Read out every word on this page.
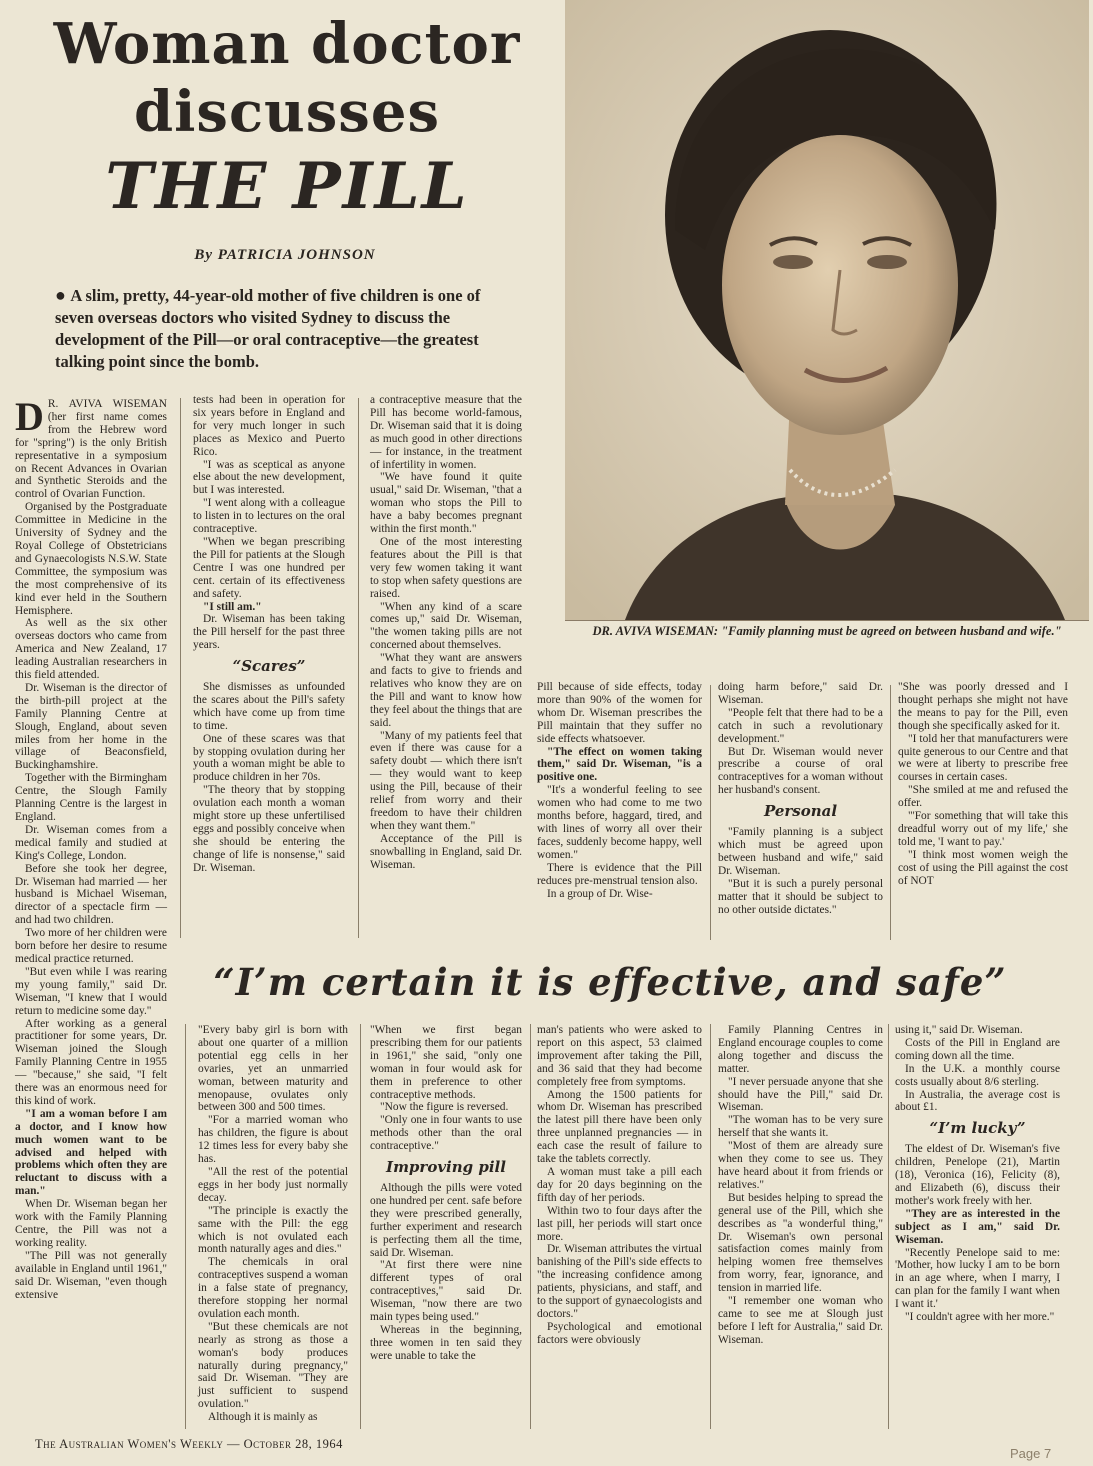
Woman doctor
discusses
THE PILL
By PATRICIA JOHNSON
● A slim, pretty, 44-year-old mother of five children is one of seven overseas doctors who visited Sydney to discuss the development of the Pill—or oral contraceptive—the greatest talking point since the bomb.
DR. AVIVA WISEMAN: "Family planning must be agreed on between husband and wife."

D R. AVIVA WISEMAN (her first name comes from the Hebrew word for "spring") is the only British representative in a symposium on Recent Advances in Ovarian and Synthetic Steroids and the control of Ovarian Function.

Organised by the Postgraduate Committee in Medicine in the University of Sydney and the Royal College of Obstetricians and Gynaecologists N.S.W. State Committee, the symposium was the most comprehensive of its kind ever held in the Southern Hemisphere.

As well as the six other overseas doctors who came from America and New Zealand, 17 leading Australian researchers in this field attended.

Dr. Wiseman is the director of the birth-pill project at the Family Planning Centre at Slough, England, about seven miles from her home in the village of Beaconsfield, Buckinghamshire.

Together with the Birmingham Centre, the Slough Family Planning Centre is the largest in England.

Dr. Wiseman comes from a medical family and studied at King's College, London.

Before she took her degree, Dr. Wiseman had married — her husband is Michael Wiseman, director of a spectacle firm — and had two children.

Two more of her children were born before her desire to resume medical practice returned.

"But even while I was rearing my young family," said Dr. Wiseman, "I knew that I would return to medicine some day."

After working as a general practitioner for some years, Dr. Wiseman joined the Slough Family Planning Centre in 1955 — "because," she said, "I felt there was an enormous need for this kind of work.

"I am a woman before I am a doctor, and I know how much women want to be advised and helped with problems which often they are reluctant to discuss with a man."

When Dr. Wiseman began her work with the Family Planning Centre, the Pill was not a working reality.

"The Pill was not generally available in England until 1961," said Dr. Wiseman, "even though extensive

tests had been in operation for six years before in England and for very much longer in such places as Mexico and Puerto Rico.

"I was as sceptical as anyone else about the new development, but I was interested.

"I went along with a colleague to listen in to lectures on the oral contraceptive.

"When we began prescribing the Pill for patients at the Slough Centre I was one hundred per cent. certain of its effectiveness and safety.

"I still am."

Dr. Wiseman has been taking the Pill herself for the past three years.

“Scares”

She dismisses as unfounded the scares about the Pill's safety which have come up from time to time.

One of these scares was that by stopping ovulation during her youth a woman might be able to produce children in her 70s.

"The theory that by stopping ovulation each month a woman might store up these unfertilised eggs and possibly conceive when she should be entering the change of life is nonsense," said Dr. Wiseman.

a contraceptive measure that the Pill has become world-famous, Dr. Wiseman said that it is doing as much good in other directions — for instance, in the treatment of infertility in women.

"We have found it quite usual," said Dr. Wiseman, "that a woman who stops the Pill to have a baby becomes pregnant within the first month."

One of the most interesting features about the Pill is that very few women taking it want to stop when safety questions are raised.

"When any kind of a scare comes up," said Dr. Wiseman, "the women taking pills are not concerned about themselves.

"What they want are answers and facts to give to friends and relatives who know they are on the Pill and want to know how they feel about the things that are said.

"Many of my patients feel that even if there was cause for a safety doubt — which there isn't — they would want to keep using the Pill, because of their relief from worry and their freedom to have their children when they want them."

Acceptance of the Pill is snowballing in England, said Dr. Wiseman.

Pill because of side effects, today more than 90% of the women for whom Dr. Wiseman prescribes the Pill maintain that they suffer no side effects whatsoever.

"The effect on women taking them," said Dr. Wiseman, "is a positive one.

"It's a wonderful feeling to see women who had come to me two months before, haggard, tired, and with lines of worry all over their faces, suddenly become happy, well women."

There is evidence that the Pill reduces pre-menstrual tension also.

In a group of Dr. Wise-

doing harm before," said Dr. Wiseman.

"People felt that there had to be a catch in such a revolutionary development."

But Dr. Wiseman would never prescribe a course of oral contraceptives for a woman without her husband's consent.

Personal

"Family planning is a subject which must be agreed upon between husband and wife," said Dr. Wiseman.

"But it is such a purely personal matter that it should be subject to no other outside dictates."

"She was poorly dressed and I thought perhaps she might not have the means to pay for the Pill, even though she specifically asked for it.

"I told her that manufacturers were quite generous to our Centre and that we were at liberty to prescribe free courses in certain cases.

"She smiled at me and refused the offer.

"'For something that will take this dreadful worry out of my life,' she told me, 'I want to pay.'

"I think most women weigh the cost of using the Pill against the cost of NOT

“I’m certain it is effective, and safe”

"Every baby girl is born with about one quarter of a million potential egg cells in her ovaries, yet an unmarried woman, between maturity and menopause, ovulates only between 300 and 500 times.

"For a married woman who has children, the figure is about 12 times less for every baby she has.

"All the rest of the potential eggs in her body just normally decay.

"The principle is exactly the same with the Pill: the egg which is not ovulated each month naturally ages and dies."

The chemicals in oral contraceptives suspend a woman in a false state of pregnancy, therefore stopping her normal ovulation each month.

"But these chemicals are not nearly as strong as those a woman's body produces naturally during pregnancy," said Dr. Wiseman. "They are just sufficient to suspend ovulation."

Although it is mainly as

"When we first began prescribing them for our patients in 1961," she said, "only one woman in four would ask for them in preference to other contraceptive methods.

"Now the figure is reversed.

"Only one in four wants to use methods other than the oral contraceptive."

Improving pill

Although the pills were voted one hundred per cent. safe before they were prescribed generally, further experiment and research is perfecting them all the time, said Dr. Wiseman.

"At first there were nine different types of oral contraceptives," said Dr. Wiseman, "now there are two main types being used."

Whereas in the beginning, three women in ten said they were unable to take the

man's patients who were asked to report on this aspect, 53 claimed improvement after taking the Pill, and 36 said that they had become completely free from symptoms.

Among the 1500 patients for whom Dr. Wiseman has prescribed the latest pill there have been only three unplanned pregnancies — in each case the result of failure to take the tablets correctly.

A woman must take a pill each day for 20 days beginning on the fifth day of her periods.

Within two to four days after the last pill, her periods will start once more.

Dr. Wiseman attributes the virtual banishing of the Pill's side effects to "the increasing confidence among patients, physicians, and staff, and to the support of gynaecologists and doctors."

Psychological and emotional factors were obviously

Family Planning Centres in England encourage couples to come along together and discuss the matter.

"I never persuade anyone that she should have the Pill," said Dr. Wiseman.

"The woman has to be very sure herself that she wants it.

"Most of them are already sure when they come to see us. They have heard about it from friends or relatives."

But besides helping to spread the general use of the Pill, which she describes as "a wonderful thing," Dr. Wiseman's own personal satisfaction comes mainly from helping women free themselves from worry, fear, ignorance, and tension in married life.

"I remember one woman who came to see me at Slough just before I left for Australia," said Dr. Wiseman.

using it," said Dr. Wiseman.

Costs of the Pill in England are coming down all the time.

In the U.K. a monthly course costs usually about 8/6 sterling.

In Australia, the average cost is about £1.

“I’m lucky”

The eldest of Dr. Wiseman's five children, Penelope (21), Martin (18), Veronica (16), Felicity (8), and Elizabeth (6), discuss their mother's work freely with her.

"They are as interested in the subject as I am," said Dr. Wiseman.

"Recently Penelope said to me: 'Mother, how lucky I am to be born in an age where, when I marry, I can plan for the family I want when I want it.'

"I couldn't agree with her more."

The Australian Women's Weekly — October 28, 1964
Page 7
